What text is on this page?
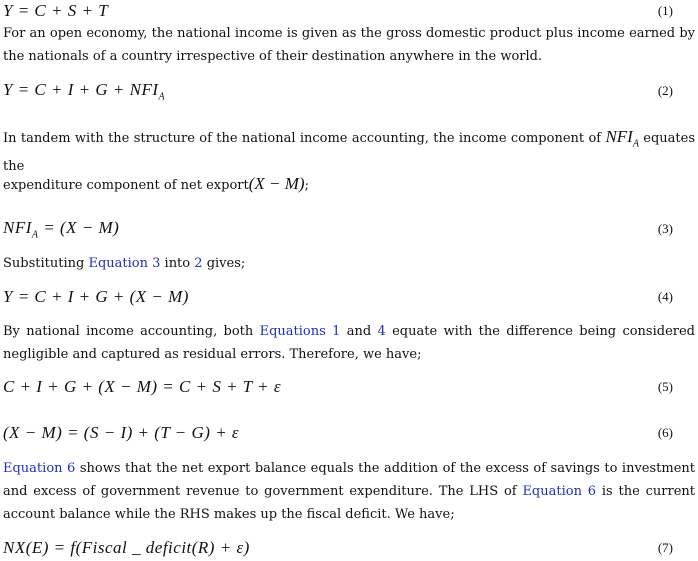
Y = C + S + T	(1)
For an open economy, the national income is given as the gross domestic product plus income earned by the nationals of a country irrespective of their destination anywhere in the world.
$Y = C + I + G + NFI_A$	(2)
In tandem with the structure of the national income accounting, the income component of $NFI_A$ equates the
expenditure component of net export(X − M);
$NFI_A = (X - M)$	(3)
Substituting Equation 3 into 2 gives;
Y = C + I + G + (X − M)	(4)
By national income accounting, both Equations 1 and 4 equate with the difference being considered negligible and captured as residual errors. Therefore, we have;
C + I + G + (X − M) = C + S + T + ε	(5)
(X − M) = (S − I) + (T − G) + ε	(6)
Equation 6 shows that the net export balance equals the addition of the excess of savings to investment and excess of government revenue to government expenditure. The LHS of Equation 6 is the current account balance while the RHS makes up the fiscal deficit. We have;
NX(E) = f(Fiscal _ deficit(R) + ε)	(7)
